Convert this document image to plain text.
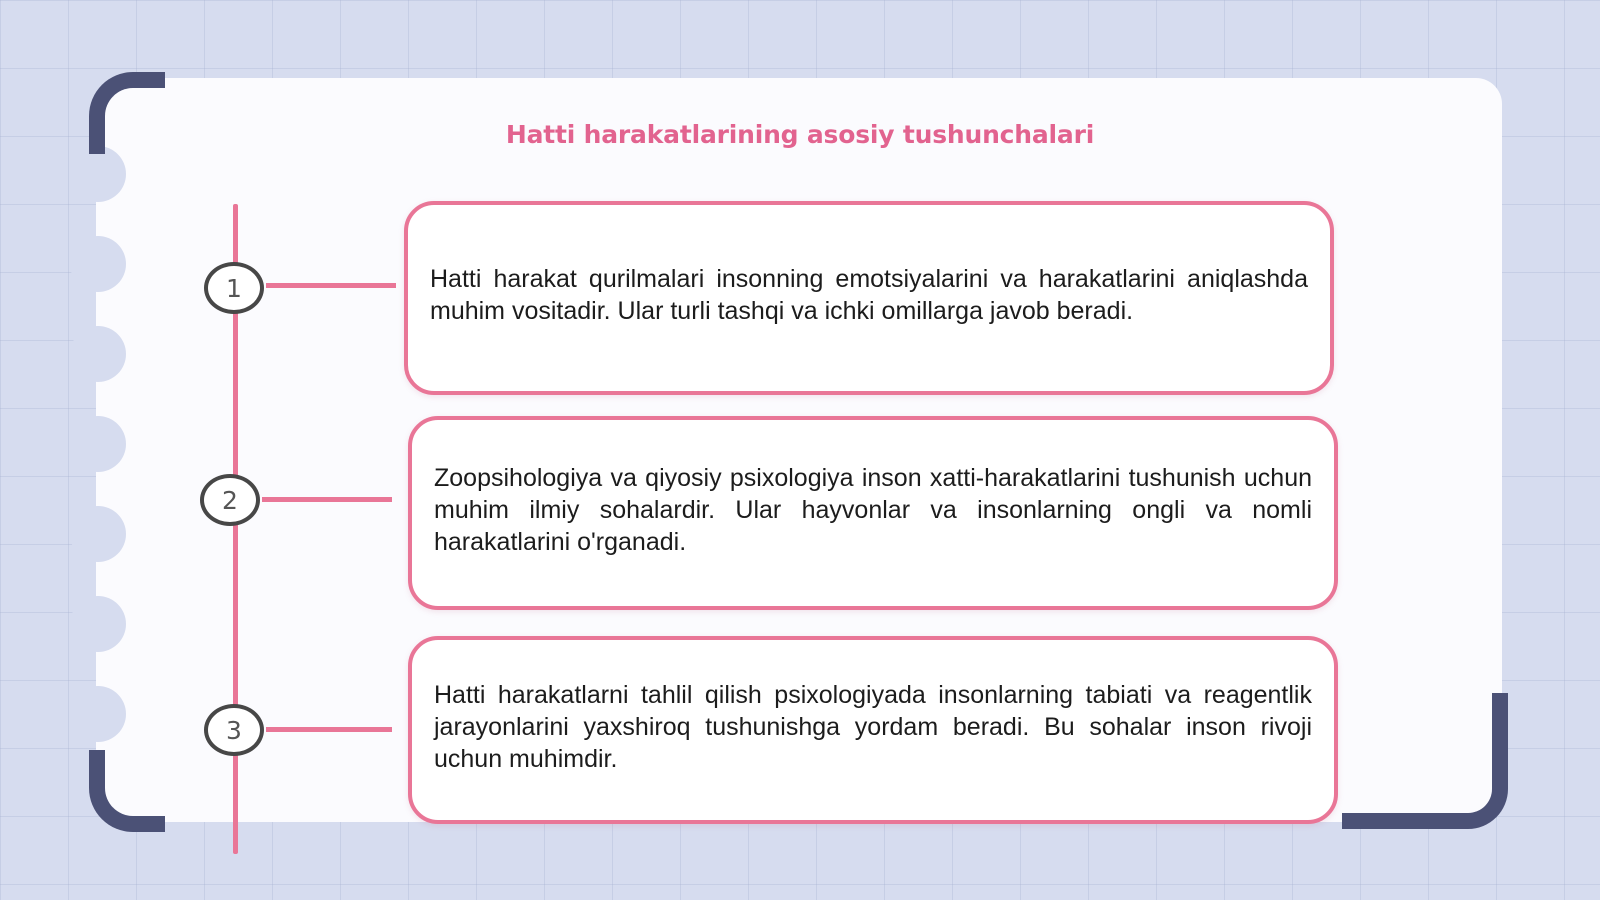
Hatti harakatlarining asosiy tushunchalari
1	Hatti harakat qurilmalari insonning emotsiyalarini va harakatlarini aniqlashda muhim vositadir. Ular turli tashqi va ichki omillarga javob beradi.
2
Zoopsihologiya va qiyosiy psixologiya inson xatti-harakatlarini tushunish uchun muhim ilmiy sohalardir. Ular hayvonlar va insonlarning ongli va nomli harakatlarini o'rganadi.
3
Hatti harakatlarni tahlil qilish psixologiyada insonlarning tabiati va reagentlik jarayonlarini yaxshiroq tushunishga yordam beradi. Bu sohalar inson rivoji uchun muhimdir.
